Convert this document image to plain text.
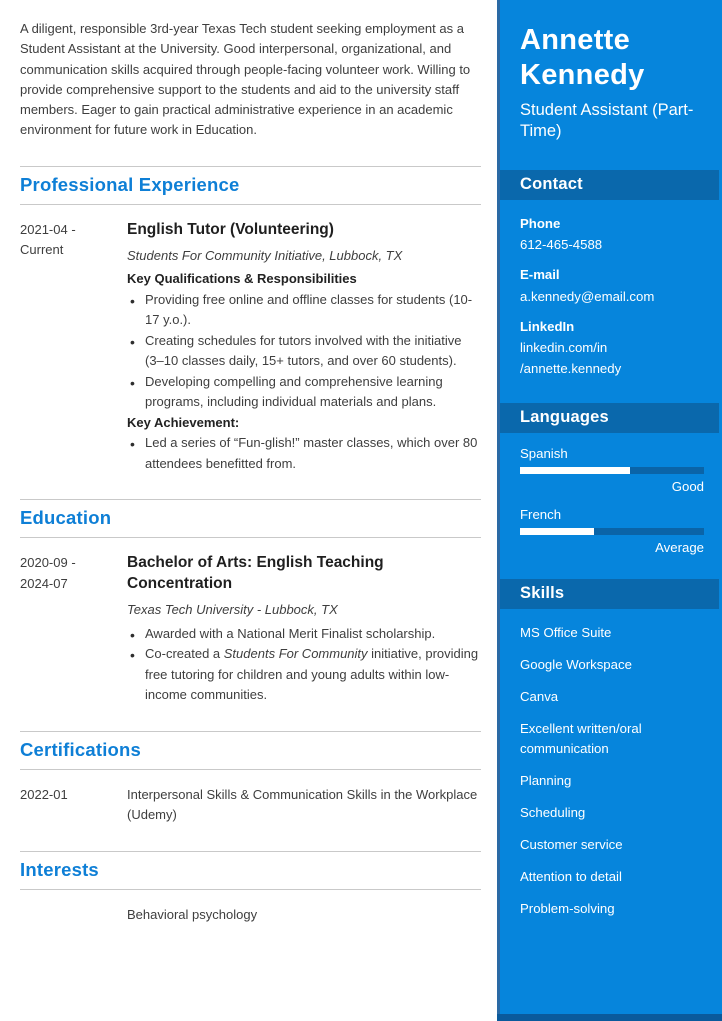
A diligent, responsible 3rd-year Texas Tech student seeking employment as a Student Assistant at the University. Good interpersonal, organizational, and communication skills acquired through people-facing volunteer work. Willing to provide comprehensive support to the students and aid to the university staff members. Eager to gain practical administrative experience in an academic environment for future work in Education.

Professional Experience
2021-04 -
Current
English Tutor (Volunteering)
Students For Community Initiative, Lubbock, TX
Key Qualifications & Responsibilities
• Providing free online and offline classes for students (10-17 y.o.).
• Creating schedules for tutors involved with the initiative (3–10 classes daily, 15+ tutors, and over 60 students).
• Developing compelling and comprehensive learning programs, including individual materials and plans.
Key Achievement:
• Led a series of “Fun-glish!” master classes, which over 80 attendees benefitted from.
Education
2020-09 -
2024-07
Bachelor of Arts: English Teaching Concentration
Texas Tech University - Lubbock, TX
• Awarded with a National Merit Finalist scholarship.
• Co-created a Students For Community initiative, providing free tutoring for children and young adults within low-income communities.
Certifications
2022-01	Interpersonal Skills & Communication Skills in the Workplace (Udemy)
Interests
Behavioral psychology
Annette
Kennedy
Student Assistant (Part-Time)
Contact
Phone
612-465-4588
E-mail
a.kennedy@email.com
LinkedIn
linkedin.com/in
/annette.kennedy
Languages
Spanish
Good
French
Average
Skills
MS Office Suite
Google Workspace
Canva
Excellent written/oral communication
Planning
Scheduling
Customer service
Attention to detail
Problem-solving
